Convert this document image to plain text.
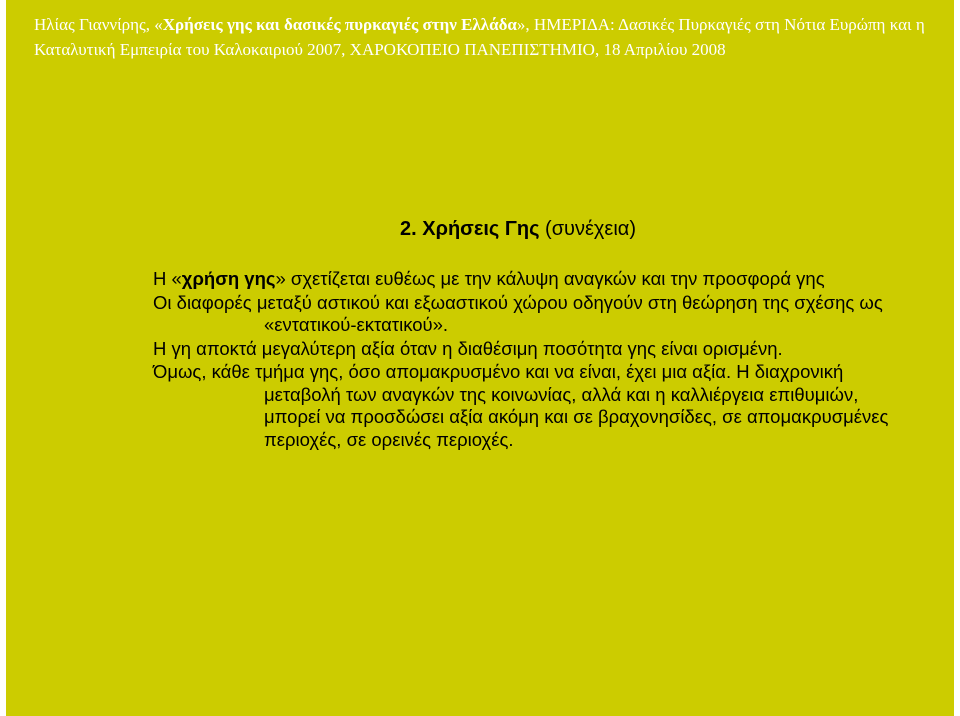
Ηλίας Γιαννίρης, «Χρήσεις γης και δασικές πυρκαγιές στην Ελλάδα», ΗΜΕΡΙΔΑ: Δασικές Πυρκαγιές στη Νότια Ευρώπη και η Καταλυτική Εμπειρία του Καλοκαιριού 2007, ΧΑΡΟΚΟΠΕΙΟ ΠΑΝΕΠΙΣΤΗΜΙΟ, 18 Απριλίου 2008
2. Χρήσεις Γης (συνέχεια)

Η «χρήση γης» σχετίζεται ευθέως με την κάλυψη αναγκών και την προσφορά γης

Οι διαφορές μεταξύ αστικού και εξωαστικού χώρου οδηγούν στη θεώρηση της σχέσης ως «εντατικού-εκτατικού».

Η γη αποκτά μεγαλύτερη αξία όταν η διαθέσιμη ποσότητα γης είναι ορισμένη.

Όμως, κάθε τμήμα γης, όσο απομακρυσμένο και να είναι, έχει μια αξία. Η διαχρονική μεταβολή των αναγκών της κοινωνίας, αλλά και η καλλιέργεια επιθυμιών, μπορεί να προσδώσει αξία ακόμη και σε βραχονησίδες, σε απομακρυσμένες περιοχές, σε ορεινές περιοχές.
